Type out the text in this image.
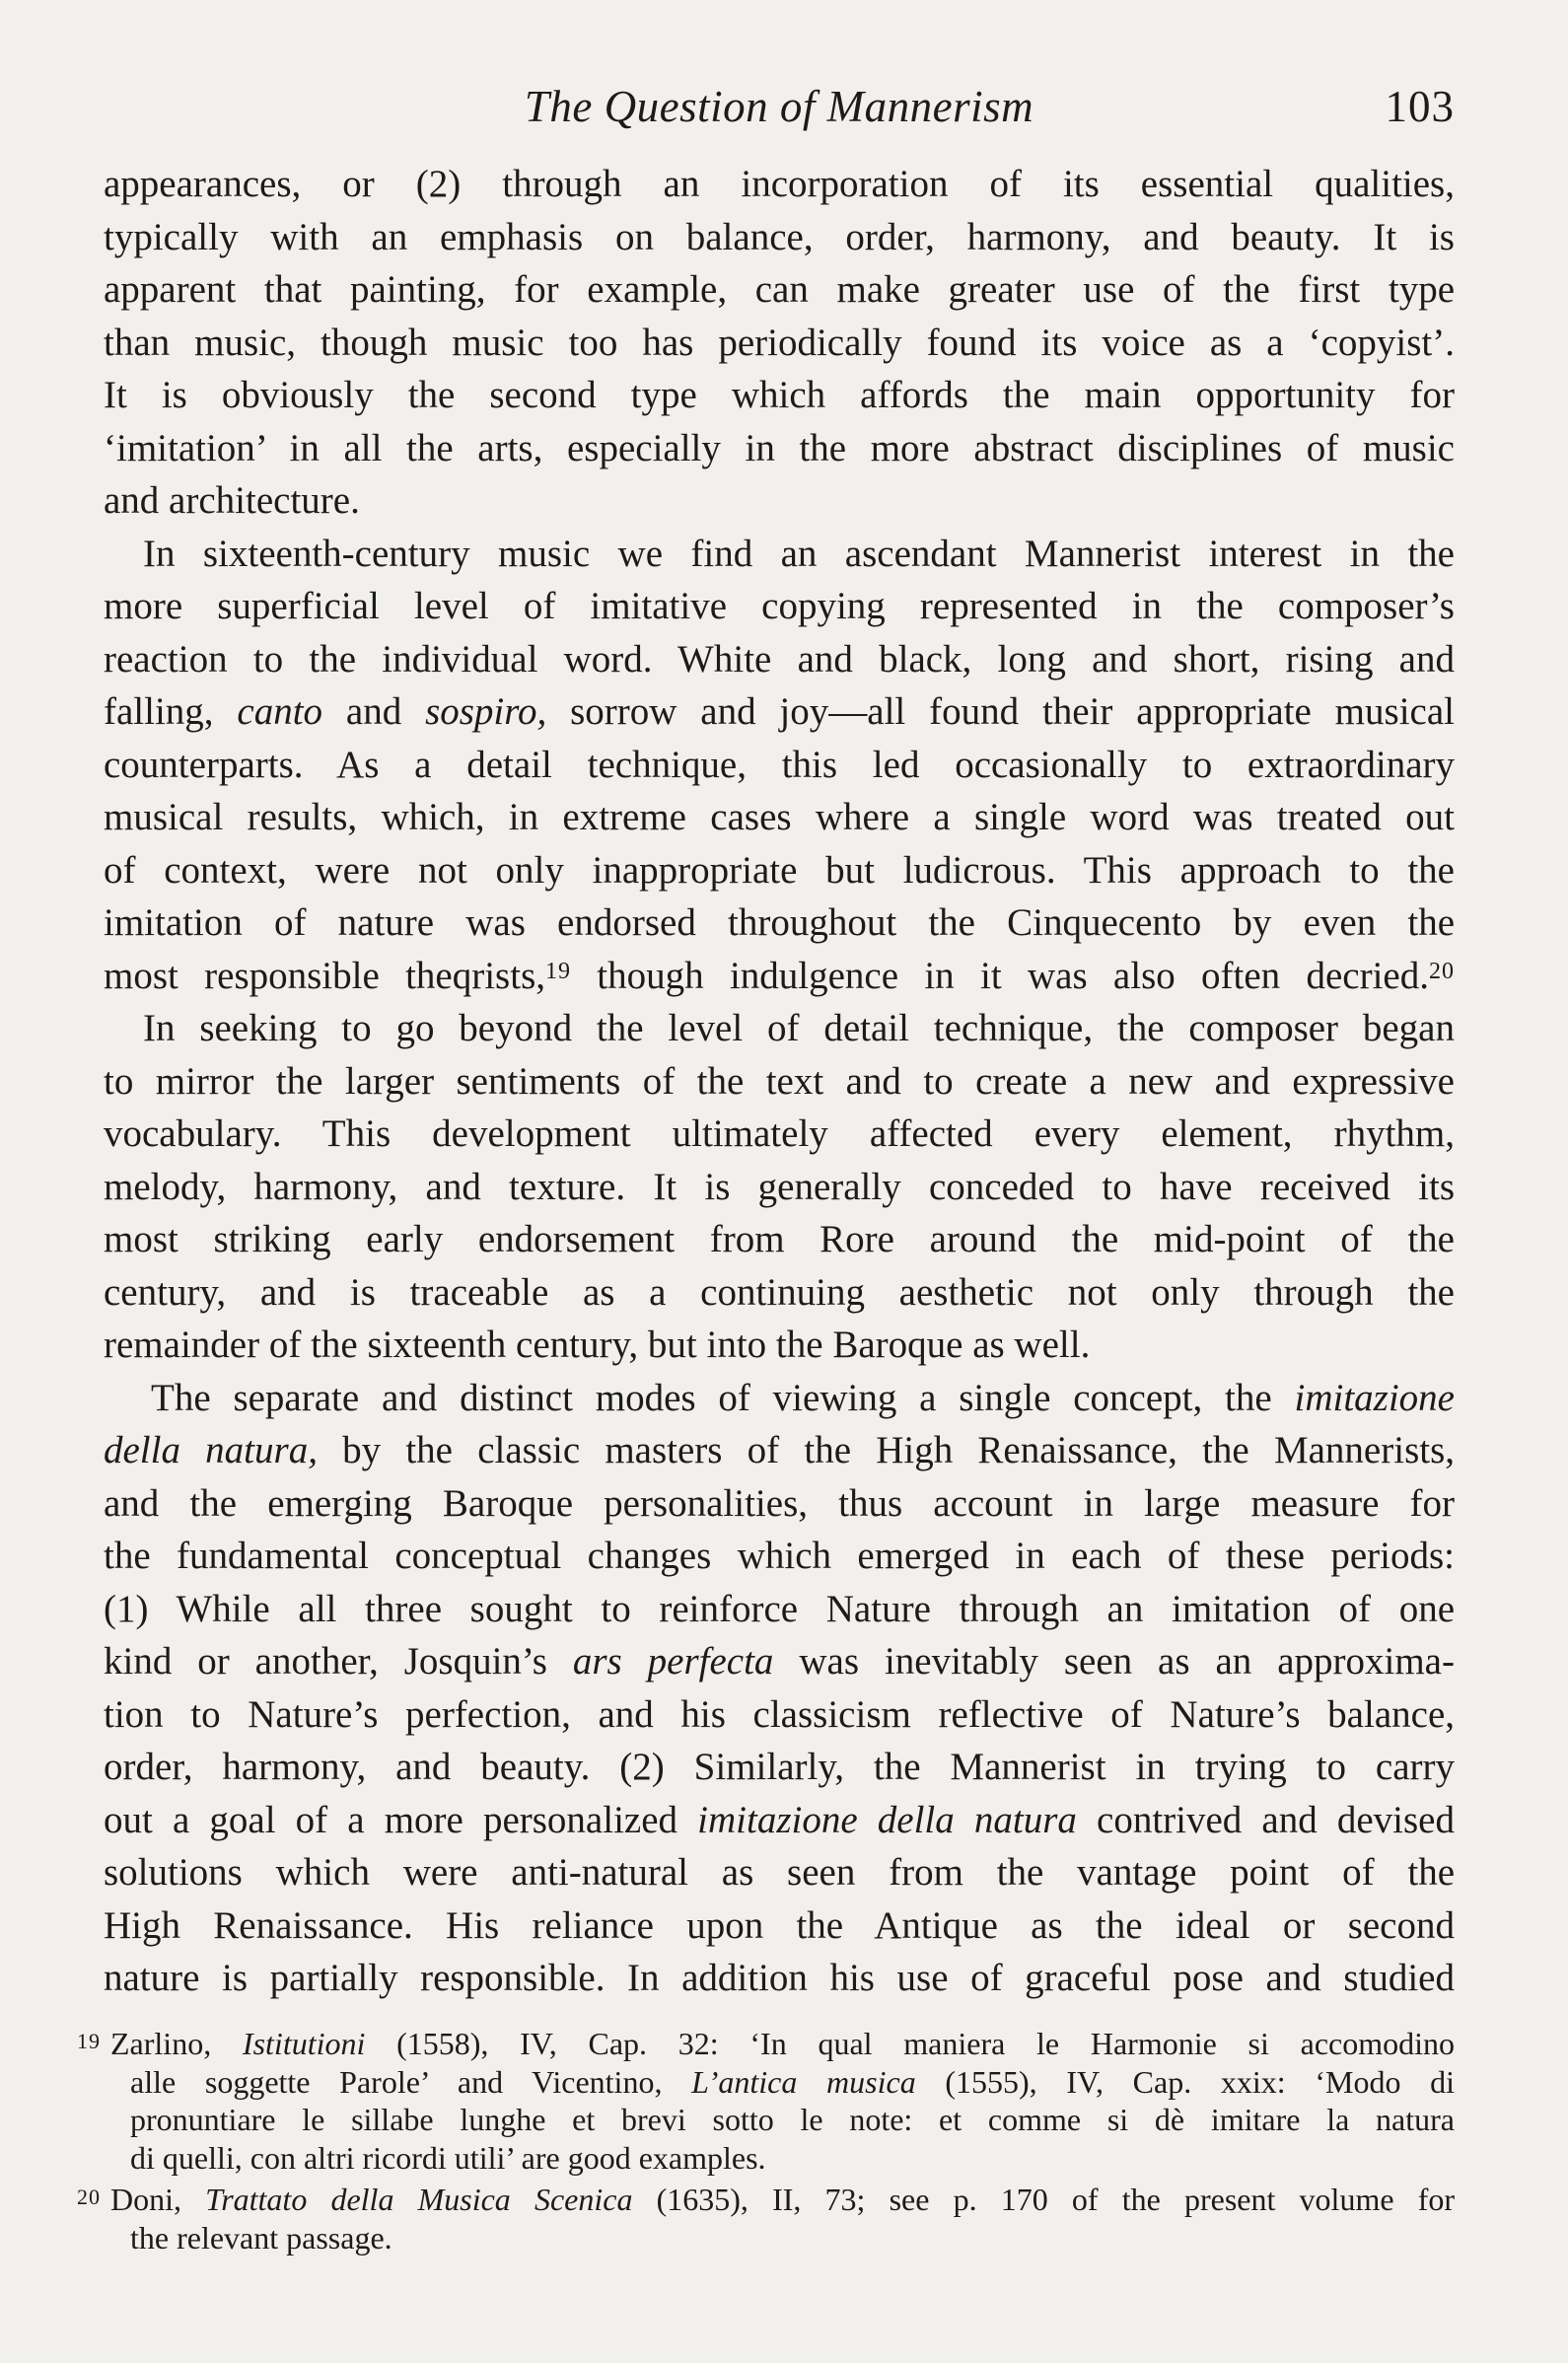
The Question of Mannerism	103

appearances, or (2) through an incorporation of its essential qualities,
typically with an emphasis on balance, order, harmony, and beauty. It is
apparent that painting, for example, can make greater use of the first type
than music, though music too has periodically found its voice as a ‘copyist’.
It is obviously the second type which affords the main opportunity for
‘imitation’ in all the arts, especially in the more abstract disciplines of music
and architecture.

In sixteenth-century music we find an ascendant Mannerist interest in the
more superficial level of imitative copying represented in the composer’s
reaction to the individual word. White and black, long and short, rising and
falling, canto and sospiro, sorrow and joy—all found their appropriate musical
counterparts. As a detail technique, this led occasionally to extraordinary
musical results, which, in extreme cases where a single word was treated out
of context, were not only inappropriate but ludicrous. This approach to the
imitation of nature was endorsed throughout the Cinquecento by even the
most responsible theqrists,$^{19}$ though indulgence in it was also often decried.$^{20}$

In seeking to go beyond the level of detail technique, the composer began
to mirror the larger sentiments of the text and to create a new and expressive
vocabulary. This development ultimately affected every element, rhythm,
melody, harmony, and texture. It is generally conceded to have received its
most striking early endorsement from Rore around the mid-point of the
century, and is traceable as a continuing aesthetic not only through the
remainder of the sixteenth century, but into the Baroque as well.

The separate and distinct modes of viewing a single concept, the imitazione
della natura, by the classic masters of the High Renaissance, the Mannerists,
and the emerging Baroque personalities, thus account in large measure for
the fundamental conceptual changes which emerged in each of these periods:
(1) While all three sought to reinforce Nature through an imitation of one
kind or another, Josquin’s ars perfecta was inevitably seen as an approxima-
tion to Nature’s perfection, and his classicism reflective of Nature’s balance,
order, harmony, and beauty. (2) Similarly, the Mannerist in trying to carry
out a goal of a more personalized imitazione della natura contrived and devised
solutions which were anti-natural as seen from the vantage point of the
High Renaissance. His reliance upon the Antique as the ideal or second
nature is partially responsible. In addition his use of graceful pose and studied

$^{19}$ Zarlino, Istitutioni (1558), IV, Cap. 32: ‘In qual maniera le Harmonie si accomodino
alle soggette Parole’ and Vicentino, L’antica musica (1555), IV, Cap. xxix: ‘Modo di
pronuntiare le sillabe lunghe et brevi sotto le note: et comme si dè imitare la natura
di quelli, con altri ricordi utili’ are good examples.
$^{20}$ Doni, Trattato della Musica Scenica (1635), II, 73; see p. 170 of the present volume for
the relevant passage.
